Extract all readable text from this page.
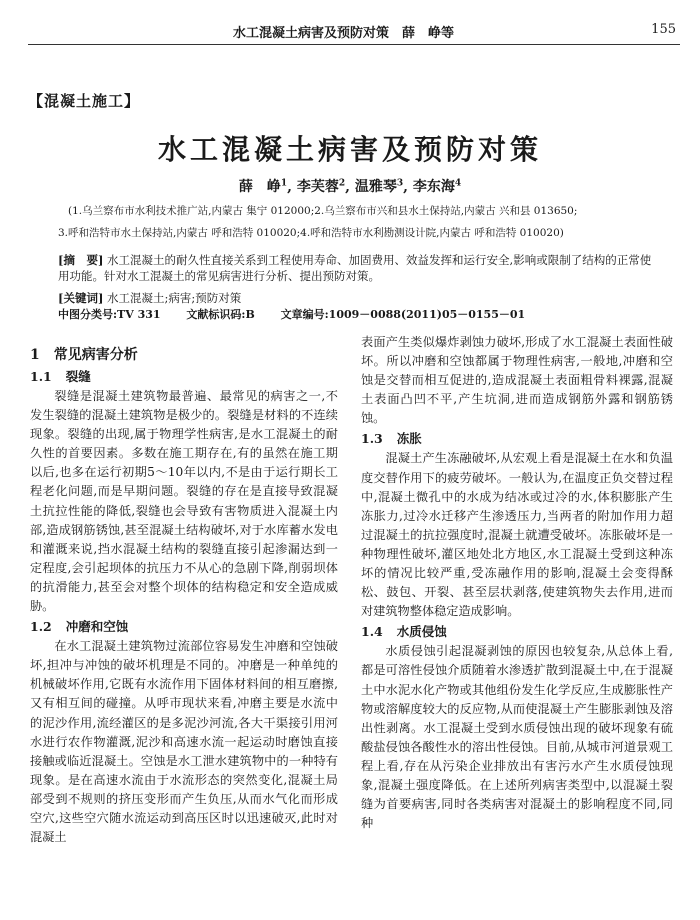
水工混凝土病害及预防对策　薛　峥等	155
【混凝土施工】
水工混凝土病害及预防对策
薛　峥$^1$, 李芙蓉$^2$, 温雅琴$^3$, 李东海$^4$
(1.乌兰察布市水利技术推广站,内蒙古 集宁 012000;2.乌兰察布市兴和县水土保持站,内蒙古 兴和县 013650;
3.呼和浩特市水土保持站,内蒙古 呼和浩特 010020;4.呼和浩特市水利勘测设计院,内蒙古 呼和浩特 010020)
[摘　要] 水工混凝土的耐久性直接关系到工程使用寿命、加固费用、效益发挥和运行安全,影响或限制了结构的正常使用功能。针对水工混凝土的常见病害进行分析、提出预防对策。
[关键词] 水工混凝土;病害;预防对策
中图分类号:TV 331 文献标识码:B 文章编号:1009－0088(2011)05－0155－01
1 常见病害分析
1.1 裂缝

裂缝是混凝土建筑物最普遍、最常见的病害之一,不发生裂缝的混凝土建筑物是极少的。裂缝是材料的不连续现象。裂缝的出现,属于物理学性病害,是水工混凝土的耐久性的首要因素。多数在施工期存在,有的虽然在施工期以后,也多在运行初期5～10年以内,不是由于运行期长工程老化问题,而是早期问题。裂缝的存在是直接导致混凝土抗拉性能的降低,裂缝也会导致有害物质进入混凝土内部,造成钢筋锈蚀,甚至混凝土结构破坏,对于水库蓄水发电和灌溉来说,挡水混凝土结构的裂缝直接引起渗漏达到一定程度,会引起坝体的抗压力不从心的急剧下降,削弱坝体的抗滑能力,甚至会对整个坝体的结构稳定和安全造成威胁。

1.2 冲磨和空蚀

在水工混凝土建筑物过流部位容易发生冲磨和空蚀破坏,担冲与冲蚀的破坏机理是不同的。冲磨是一种单纯的机械破坏作用,它既有水流作用下固体材料间的相互磨擦,又有相互间的碰撞。从呼市现状来看,冲磨主要是水流中的泥沙作用,流经灌区的是多泥沙河流,各大干渠接引用河水进行农作物灌溉,泥沙和高速水流一起运动时磨蚀直接接触或临近混凝土。空蚀是水工泄水建筑物中的一种特有现象。是在高速水流由于水流形态的突然变化,混凝土局部受到不规则的挤压变形而产生负压,从而水气化而形成空穴,这些空穴随水流运动到高压区时以迅速破灭,此时对混凝土

表面产生类似爆炸剥蚀力破坏,形成了水工混凝土表面性破坏。所以冲磨和空蚀都属于物理性病害,一般地,冲磨和空蚀是交替而相互促进的,造成混凝土表面粗骨料裸露,混凝土表面凸凹不平,产生坑洞,进而造成钢筋外露和钢筋锈蚀。

1.3 冻胀

混凝土产生冻融破坏,从宏观上看是混凝土在水和负温度交替作用下的疲劳破坏。一般认为,在温度正负交替过程中,混凝土微孔中的水成为结冰或过冷的水,体积膨胀产生冻胀力,过冷水迁移产生渗透压力,当两者的附加作用力超过混凝土的抗拉强度时,混凝土就遭受破坏。冻胀破坏是一种物理性破坏,灌区地处北方地区,水工混凝土受到这种冻坏的情况比较严重,受冻融作用的影响,混凝土会变得酥松、鼓包、开裂、甚至层状剥落,使建筑物失去作用,进而对建筑物整体稳定造成影响。

1.4 水质侵蚀

水质侵蚀引起混凝剥蚀的原因也较复杂,从总体上看,都是可溶性侵蚀介质随着水渗透扩散到混凝土中,在于混凝土中水泥水化产物或其他组份发生化学反应,生成膨胀性产物或溶解度较大的反应物,从而使混凝土产生膨胀剥蚀及溶出性剥离。水工混凝土受到水质侵蚀出现的破坏现象有硫酸盐侵蚀各酸性水的溶出性侵蚀。目前,从城市河道景观工程上看,存在从污染企业排放出有害污水产生水质侵蚀现象,混凝土强度降低。在上述所列病害类型中,以混凝土裂缝为首要病害,同时各类病害对混凝土的影响程度不同,同种
